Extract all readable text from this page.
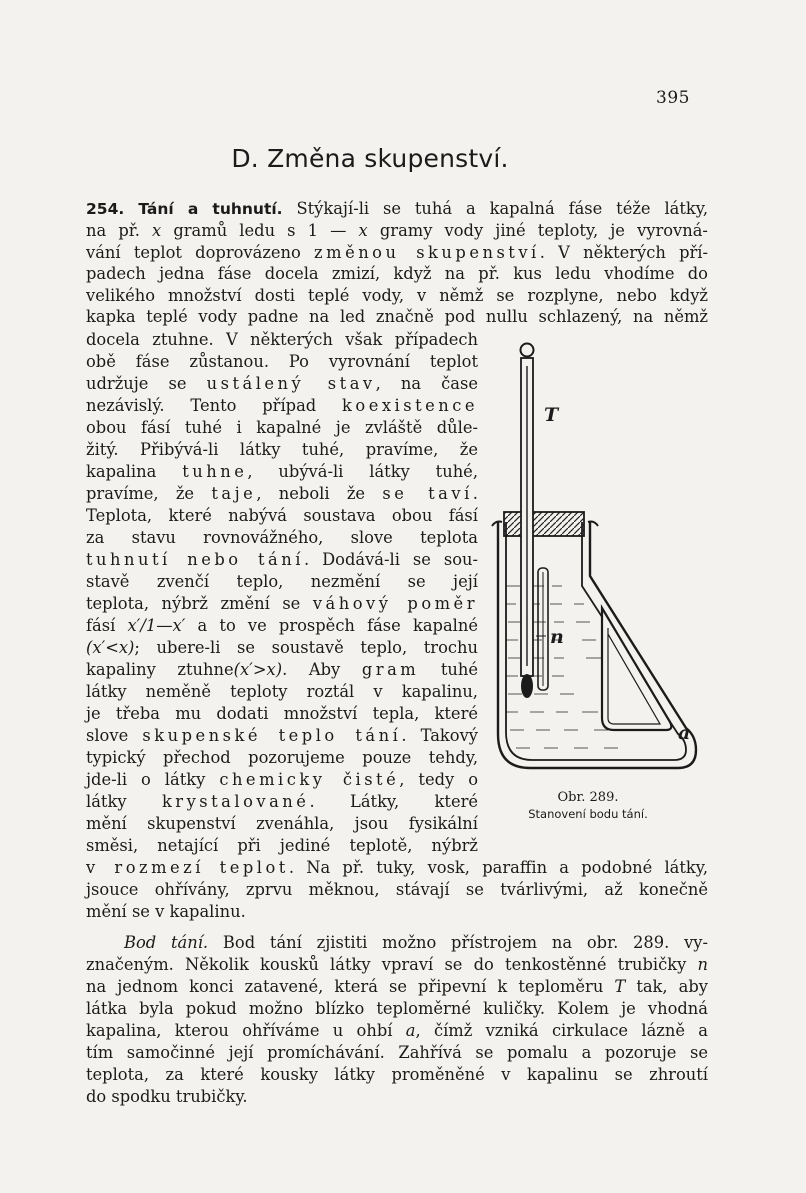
395
D. Změna skupenství.
254. Tání a tuhnutí. Stýkají-li se tuhá a kapalná fáse téže látky,
na př. x gramů ledu s 1 — x gramy vody jiné teploty, je vyrovná-
vání teplot doprovázeno změnou skupenství. V některých pří-
padech jedna fáse docela zmizí, když na př. kus ledu vhodíme do
velikého množství dosti teplé vody, v němž se rozplyne, nebo když
kapka teplé vody padne na led značně pod nullu schlazený, na němž
docela ztuhne. V některých však případech
obě fáse zůstanou. Po vyrovnání teplot
udržuje se ustálený stav, na čase
nezávislý. Tento případ koexistence
obou fásí tuhé i kapalné je zvláště důle-
žitý. Přibývá-li látky tuhé, pravíme, že
kapalina tuhne, ubývá-li látky tuhé,
pravíme, že taje, neboli že se taví.
Teplota, které nabývá soustava obou fásí
za stavu rovnovážného, slove teplota
tuhnutí nebo tání. Dodává-li se sou-
stavě zvenčí teplo, nezmění se její
teplota, nýbrž změní se váhový poměr
fásí x′/1—x′ a to ve prospěch fáse kapalné
(x′<x); ubere-li se soustavě teplo, trochu
kapaliny ztuhne(x′>x). Aby gram tuhé
látky neměně teploty roztál v kapalinu,
je třeba mu dodati množství tepla, které
slove skupenské teplo tání. Takový
typický přechod pozorujeme pouze tehdy,
jde-li o látky chemicky čisté, tedy o
látky krystalované. Látky, které
mění skupenství zvenáhla, jsou fysikální
směsi, netající při jediné teplotě, nýbrž
v rozmezí teplot. Na př. tuky, vosk, paraffin a podobné látky,
jsouce ohřívány, zprvu měknou, stávají se tvárlivými, až konečně
mění se v kapalinu.
Bod tání. Bod tání zjistiti možno přístrojem na obr. 289. vy-
značeným. Několik kousků látky vpraví se do tenkostěnné trubičky n
na jednom konci zatavené, která se připevní k teploměru T tak, aby
látka byla pokud možno blízko teploměrné kuličky. Kolem je vhodná
kapalina, kterou ohříváme u ohbí a, čímž vzniká cirkulace lázně a
tím samočinné její promíchávání. Zahřívá se pomalu a pozoruje se
teplota, za které kousky látky proměněné v kapalinu se zhroutí
do spodku trubičky.
T
n
a
Obr. 289.
Stanovení bodu tání.
